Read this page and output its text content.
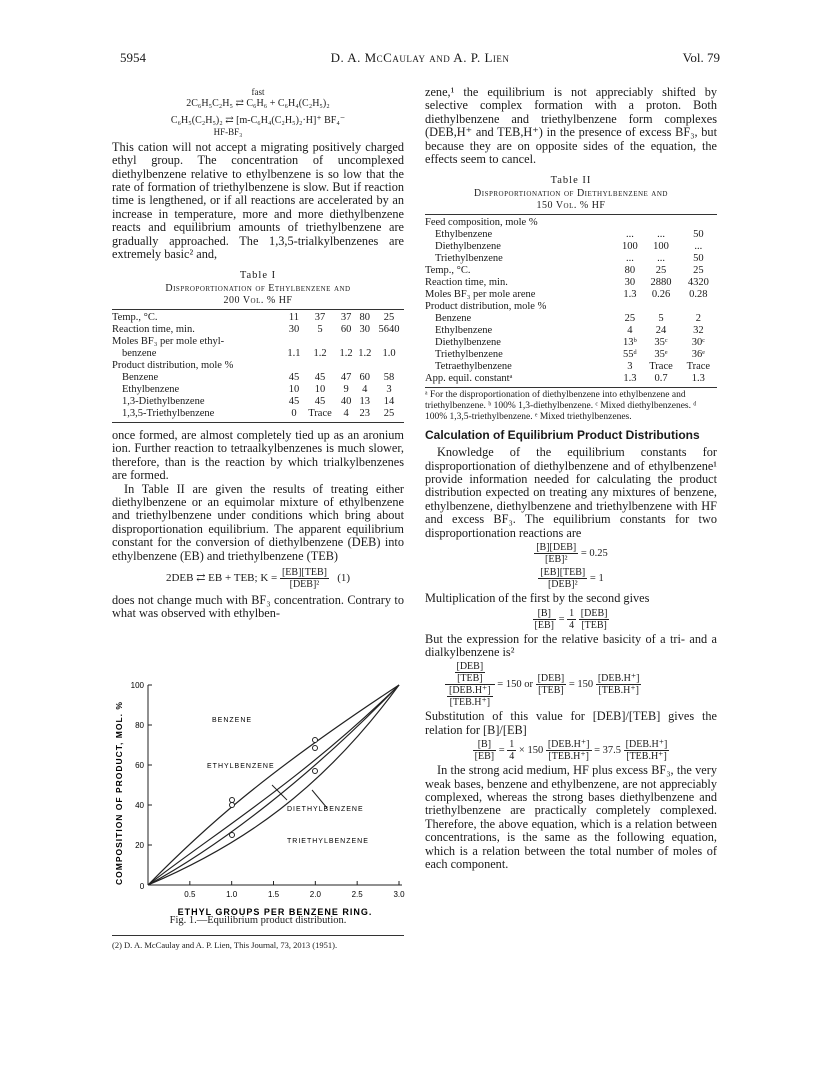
5954	D. A. McCaulay and A. P. Lien	Vol. 79
fast
2C₆H₅C₂H₅ ⇄ C₆H₆ + C₆H₄(C₂H₅)₂
C₆H₅(C₂H₅)₂ ⇄ [m-C₆H₄(C₂H₅)₂·H]⁺ BF₄⁻
HF-BF₃

This cation will not accept a migrating positively charged ethyl group. The concentration of uncomplexed diethylbenzene relative to ethylbenzene is so low that the rate of formation of triethylbenzene is slow. But if reaction time is lengthened, or if all reactions are accelerated by an increase in temperature, more and more diethylbenzene reacts and equilibrium amounts of triethylbenzene are gradually approached. The 1,3,5-trialkylbenzenes are extremely basic² and,

Table I
Disproportionation of Ethylbenzene and
200 Vol. % HF
Temp., °C.	11	37	37	80	25
Reaction time, min.	30	5	60	30	5640
Moles BF₃ per mole ethyl-					
benzene	1.1	1.2	1.2	1.2	1.0
Product distribution, mole %					
Benzene	45	45	47	60	58
Ethylbenzene	10	10	9	4	3
1,3-Diethylbenzene	45	45	40	13	14
1,3,5-Triethylbenzene	0	Trace	4	23	25

once formed, are almost completely tied up as an aronium ion. Further reaction to tetraalkylbenzenes is much slower, therefore, than is the reaction by which trialkylbenzenes are formed.

In Table II are given the results of treating either diethylbenzene or an equimolar mixture of ethylbenzene and triethylbenzene under conditions which bring about disproportionation equilibrium. The apparent equilibrium constant for the conversion of diethylbenzene (DEB) into ethylbenzene (EB) and triethylbenzene (TEB)

2DEB ⇄ EB + TEB; $K = \frac{\text{[EB][TEB]}}{\text{[DEB]²}} (1)$

does not change much with BF₃ concentration. Contrary to what was observed with ethylben-

COMPOSITION OF PRODUCT, MOL. %
0
0.5	1.0	1.5	2.0	2.5	3.0
20
40
60
80
100
BENZENE
ETHYLBENZENE
DIETHYLBENZENE
TRIETHYLBENZENE
ETHYL GROUPS PER BENZENE RING.
Fig. 1.—Equilibrium product distribution.
(2) D. A. McCaulay and A. P. Lien, This Journal, 73, 2013 (1951).

zene,¹ the equilibrium is not appreciably shifted by selective complex formation with a proton. Both diethylbenzene and triethylbenzene form complexes (DEB,H⁺ and TEB,H⁺) in the presence of excess BF₃, but because they are on opposite sides of the equation, the effects seem to cancel.

Table II
Disproportionation of Diethylbenzene and
150 Vol. % HF
Feed composition, mole %			
Ethylbenzene	...	...	50
Diethylbenzene	100	100	...
Triethylbenzene	...	...	50
Temp., °C.	80	25	25
Reaction time, min.	30	2880	4320
Moles BF₃ per mole arene	1.3	0.26	0.28
Product distribution, mole %			
Benzene	25	5	2
Ethylbenzene	4	24	32
Diethylbenzene	13ᵇ	35ᶜ	30ᶜ
Triethylbenzene	55ᵈ	35ᵉ	36ᵉ
Tetraethylbenzene	3	Trace	Trace
App. equil. constantᵃ	1.3	0.7	1.3
ᵃ For the disproportionation of diethylbenzene into ethylbenzene and triethylbenzene. ᵇ 100% 1,3-diethylbenzene. ᶜ Mixed diethylbenzenes. ᵈ 100% 1,3,5-triethylbenzene. ᵉ Mixed triethylbenzenes.
Calculation of Equilibrium Product Distributions

Knowledge of the equilibrium constants for disproportionation of diethylbenzene and of ethylbenzene¹ provide information needed for calculating the product distribution expected on treating any mixtures of benzene, ethylbenzene, diethylbenzene and triethylbenzene with HF and excess BF₃. The equilibrium constants for two disproportionation reactions are

$\frac{\text{[B][DEB]}}{\text{[EB]²}} = 0.25$
$\frac{\text{[EB][TEB]}}{\text{[DEB]²}} = 1$

Multiplication of the first by the second gives

$\frac{[B]}{[EB]} = \frac{1}{4}$
$\frac{\text{[DEB]}}{\text{[TEB]}}$

But the expression for the relative basicity of a tri- and a dialkylbenzene is²

$\frac{\frac{\text{[DEB]}}{\text{[TEB]}}}{\frac{\text{[DEB.H⁺]}}{\text{[TEB.H⁺]}}} = 150$ or $\frac{\text{[DEB]}}{\text{[TEB]}} = 150 \frac{\text{[DEB.H⁺]}}{\text{[TEB.H⁺]}}$

Substitution of this value for [DEB]/[TEB] gives the relation for [B]/[EB]

$\frac{[B]}{[EB]} = \frac{1}{4} \times 150 \frac{\text{[DEB.H⁺]}}{\text{[TEB.H⁺]}} = 37.5 \frac{\text{[DEB.H⁺]}}{\text{[TEB.H⁺]}}$

In the strong acid medium, HF plus excess BF₃, the very weak bases, benzene and ethylbenzene, are not appreciably complexed, whereas the strong bases diethylbenzene and triethylbenzene are practically completely complexed. Therefore, the above equation, which is a relation between concentrations, is the same as the following equation, which is a relation between the total number of moles of each component.
